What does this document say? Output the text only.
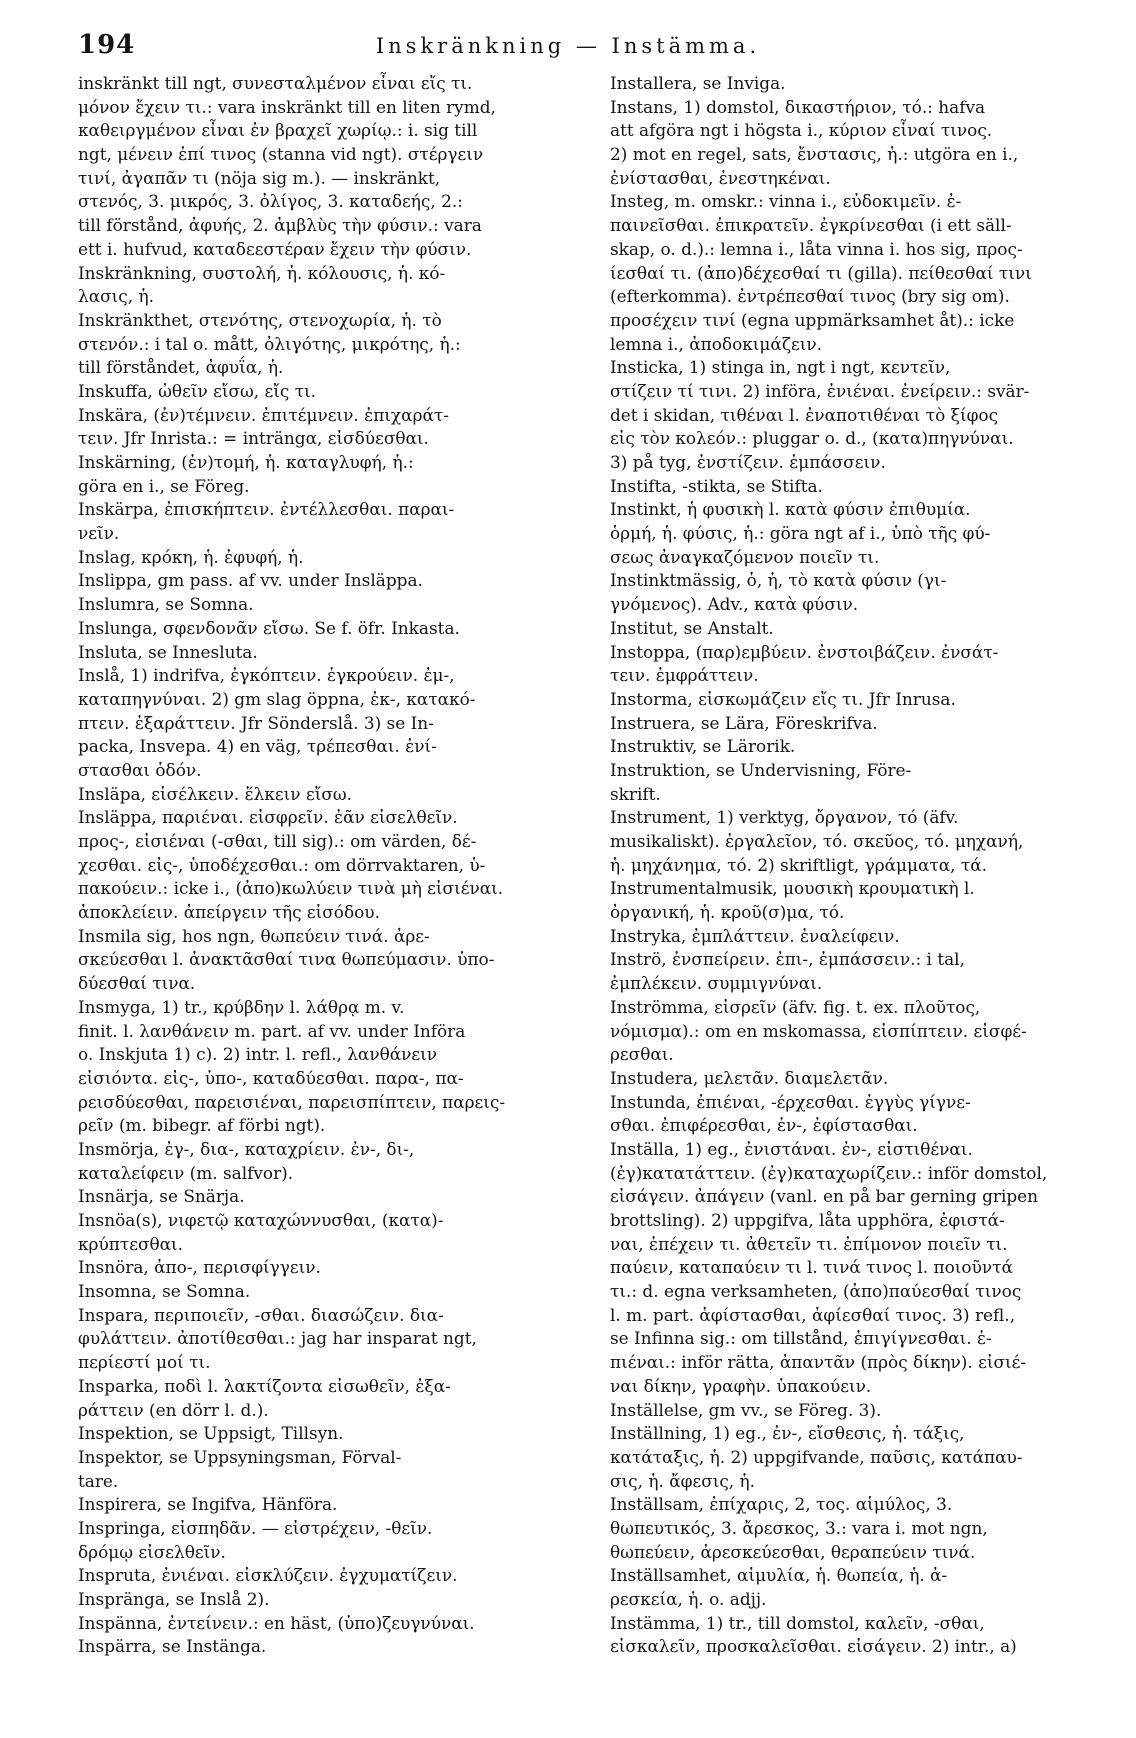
194	Inskränkning — Instämma.
inskränkt till ngt, συνεσταλμένον εἶναι εἴς τι.
μόνον ἔχειν τι.: vara inskränkt till en liten rymd,
καθειργμένον εἶναι ἐν βραχεῖ χωρίῳ.: i. sig till
ngt, μένειν ἐπί τινος (stanna vid ngt). στέργειν
τινί, ἀγαπᾶν τι (nöja sig m.). — inskränkt,
στενός, 3. μικρός, 3. ὀλίγος, 3. καταδεής, 2.:
till förstånd, ἀφυής, 2. ἀμβλὺς τὴν φύσιν.: vara
ett i. hufvud, καταδεεστέραν ἔχειν τὴν φύσιν.
Inskränkning, συστολή, ἡ. κόλουσις, ἡ. κό-
λασις, ἡ.
Inskränkthet, στενότης, στενοχωρία, ἡ. τὸ
στενόν.: i tal o. mått, ὀλιγότης, μικρότης, ἡ.:
till förståndet, ἀφυΐα, ἡ.
Inskuffa, ὠθεῖν εἴσω, εἴς τι.
Inskära, (ἐν)τέμνειν. ἐπιτέμνειν. ἐπιχαράτ-
τειν. Jfr Inrista.: = inträngα, εἰσδύεσθαι.
Inskärning, (ἐν)τομή, ἡ. καταγλυφή, ἡ.:
göra en i., se Föreg.
Inskärpa, ἐπισκήπτειν. ἐντέλλεσθαι. παραι-
νεῖν.
Inslag, κρόκη, ἡ. ἐφυφή, ἡ.
Inslippa, gm pass. af vv. under Insläppa.
Inslumra, se Somna.
Inslunga, σφενδονᾶν εἴσω. Se f. öfr. Inkasta.
Insluta, se Innesluta.
Inslå, 1) indrifva, ἐγκόπτειν. ἐγκρούειν. ἐμ-,
καταπηγνύναι. 2) gm slag öppna, ἐκ-, κατακό-
πτειν. ἐξαράττειν. Jfr Sönderslå. 3) se In-
packa, Insvepa. 4) en väg, τρέπεσθαι. ἐνί-
στασθαι ὁδόν.
Insläpa, εἰσέλκειν. ἕλκειν εἴσω.
Insläppa, παριέναι. εἰσφρεῖν. ἐᾶν εἰσελθεῖν.
προς-, εἰσιέναι (-σθαι, till sig).: om värden, δέ-
χεσθαι. εἰς-, ὑποδέχεσθαι.: om dörrvaktaren, ὑ-
πακούειν.: icke i., (ἀπο)κωλύειν τινὰ μὴ εἰσιέναι.
ἀποκλείειν. ἀπείργειν τῆς εἰσόδου.
Insmila sig, hos ngn, θωπεύειν τινά. ἀρε-
σκεύεσθαι l. ἀνακτᾶσθαί τινα θωπεύμασιν. ὑπο-
δύεσθαί τινα.
Insmyga, 1) tr., κρύβδην l. λάθρᾳ m. v.
finit. l. λανθάνειν m. part. af vv. under Införa
o. Inskjuta 1) c). 2) intr. l. refl., λανθάνειν
εἰσιόντα. εἰς-, ὑπο-, καταδύεσθαι. παρα-, πα-
ρεισδύεσθαι, παρεισιέναι, παρεισπίπτειν, παρεις-
ρεῖν (m. bibegr. af förbi ngt).
Insmörja, ἐγ-, δια-, καταχρίειν. ἐν-, δι-,
καταλείφειν (m. salfvor).
Insnärja, se Snärja.
Insnöa(s), νιφετῷ καταχώννυσθαι, (κατα)-
κρύπτεσθαι.
Insnöra, ἀπο-, περισφίγγειν.
Insomna, se Somna.
Inspara, περιποιεῖν, -σθαι. διασώζειν. δια-
φυλάττειν. ἀποτίθεσθαι.: jag har insparat ngt,
περίεστί μοί τι.
Insparka, ποδὶ l. λακτίζοντα εἰσωθεῖν, ἐξα-
ράττειν (en dörr l. d.).
Inspektion, se Uppsigt, Tillsyn.
Inspektor, se Uppsyningsman, Förval-
tare.
Inspirera, se Ingifva, Hänföra.
Inspringa, εἰσπηδᾶν. — εἰστρέχειν, -θεῖν.
δρόμῳ εἰσελθεῖν.
Inspruta, ἐνιέναι. εἰσκλύζειν. ἐγχυματίζειν.
Insprängа, se Inslå 2).
Inspänna, ἐντείνειν.: en häst, (ὑπο)ζευγνύναι.
Inspärra, se Instänga.
Installera, se Inviga.
Instans, 1) domstol, δικαστήριον, τό.: hafva
att afgöra ngt i högsta i., κύριον εἶναί τινος.
2) mot en regel, sats, ἔνστασις, ἡ.: utgöra en i.,
ἐνίστασθαι, ἐνεστηκέναι.
Insteg, m. omskr.: vinna i., εὐδοκιμεῖν. ἐ-
παινεῖσθαι. ἐπικρατεῖν. ἐγκρίνεσθαι (i ett säll-
skap, o. d.).: lemna i., låta vinna i. hos sig, προς-
ίεσθαί τι. (ἀπο)δέχεσθαί τι (gilla). πείθεσθαί τινι
(efterkomma). ἐντρέπεσθαί τινος (bry sig om).
προσέχειν τινί (egna uppmärksamhet åt).: icke
lemna i., ἀποδοκιμάζειν.
Insticka, 1) stinga in, ngt i ngt, κεντεῖν,
στίζειν τί τινι. 2) införa, ἐνιέναι. ἐνείρειν.: svär-
det i skidan, τιθέναι l. ἐναποτιθέναι τὸ ξίφος
εἰς τὸν κολεόν.: pluggar o. d., (κατα)πηγνύναι.
3) på tyg, ἐνστίζειν. ἐμπάσσειν.
Instifta, -stikta, se Stifta.
Instinkt, ἡ φυσικὴ l. κατὰ φύσιν ἐπιθυμία.
ὁρμή, ἡ. φύσις, ἡ.: göra ngt af i., ὑπὸ τῆς φύ-
σεως ἀναγκαζόμενον ποιεῖν τι.
Instinktmässig, ὁ, ἡ, τὸ κατὰ φύσιν (γι-
γνόμενος). Adv., κατὰ φύσιν.
Institut, se Anstalt.
Instoppa, (παρ)εμβύειν. ἐνστοιβάζειν. ἐνσάτ-
τειν. ἐμφράττειν.
Instorma, εἰσκωμάζειν εἴς τι. Jfr Inrusa.
Instruera, se Lära, Föreskrifva.
Instruktiv, se Lärorik.
Instruktion, se Undervisning, Före-
skrift.
Instrument, 1) verktyg, ὄργανον, τό (äfv.
musikaliskt). ἐργαλεῖον, τό. σκεῦος, τό. μηχανή,
ἡ. μηχάνημα, τό. 2) skriftligt, γράμματα, τά.
Instrumentalmusik, μουσικὴ κρουματικὴ l.
ὀργανική, ἡ. κροῦ(σ)μα, τό.
Instryka, ἐμπλάττειν. ἐναλείφειν.
Inströ, ἐνσπείρειν. ἐπι-, ἐμπάσσειν.: i tal,
ἐμπλέκειν. συμμιγνύναι.
Inströmma, εἰσρεῖν (äfv. fig. t. ex. πλοῦτος,
νόμισμα).: om en mskomassa, εἰσπίπτειν. εἰσφέ-
ρεσθαι.
Instudera, μελετᾶν. διαμελετᾶν.
Instunda, ἐπιέναι, -έρχεσθαι. ἐγγὺς γίγνε-
σθαι. ἐπιφέρεσθαι, ἐν-, ἐφίστασθαι.
Inställa, 1) eg., ἐνιστάναι. ἐν-, εἰστιθέναι.
(ἐγ)κατατάττειν. (ἐγ)καταχωρίζειν.: inför domstol,
εἰσάγειν. ἀπάγειν (vanl. en på bar gerning gripen
brottsling). 2) uppgifva, låta upphöra, ἐφιστά-
ναι, ἐπέχειν τι. ἀθετεῖν τι. ἐπίμονον ποιεῖν τι.
παύειν, καταπαύειν τι l. τινά τινος l. ποιοῦντά
τι.: d. egna verksamheten, (ἀπο)παύεσθαί τινος
l. m. part. ἀφίστασθαι, ἀφίεσθαί τινος. 3) refl.,
se Infinna sig.: om tillstånd, ἐπιγίγνεσθαι. ἐ-
πιέναι.: inför rätta, ἀπαντᾶν (πρὸς δίκην). εἰσιέ-
ναι δίκην, γραφὴν. ὑπακούειν.
Inställelse, gm vv., se Föreg. 3).
Inställning, 1) eg., ἐν-, εἴσθεσις, ἡ. τάξις,
κατάταξις, ἡ. 2) uppgifvande, παῦσις, κατάπαυ-
σις, ἡ. ἄφεσις, ἡ.
Inställsam, ἐπίχαρις, 2, τος. αἱμύλος, 3.
θωπευτικός, 3. ἄρεσκος, 3.: vara i. mot ngn,
θωπεύειν, ἀρεσκεύεσθαι, θεραπεύειν τινά.
Inställsamhet, αἱμυλία, ἡ. θωπεία, ἡ. ἀ-
ρεσκεία, ἡ. o. adjj.
Instämma, 1) tr., till domstol, καλεῖν, -σθαι,
εἰσκαλεῖν, προσκαλεῖσθαι. εἰσάγειν. 2) intr., a)
